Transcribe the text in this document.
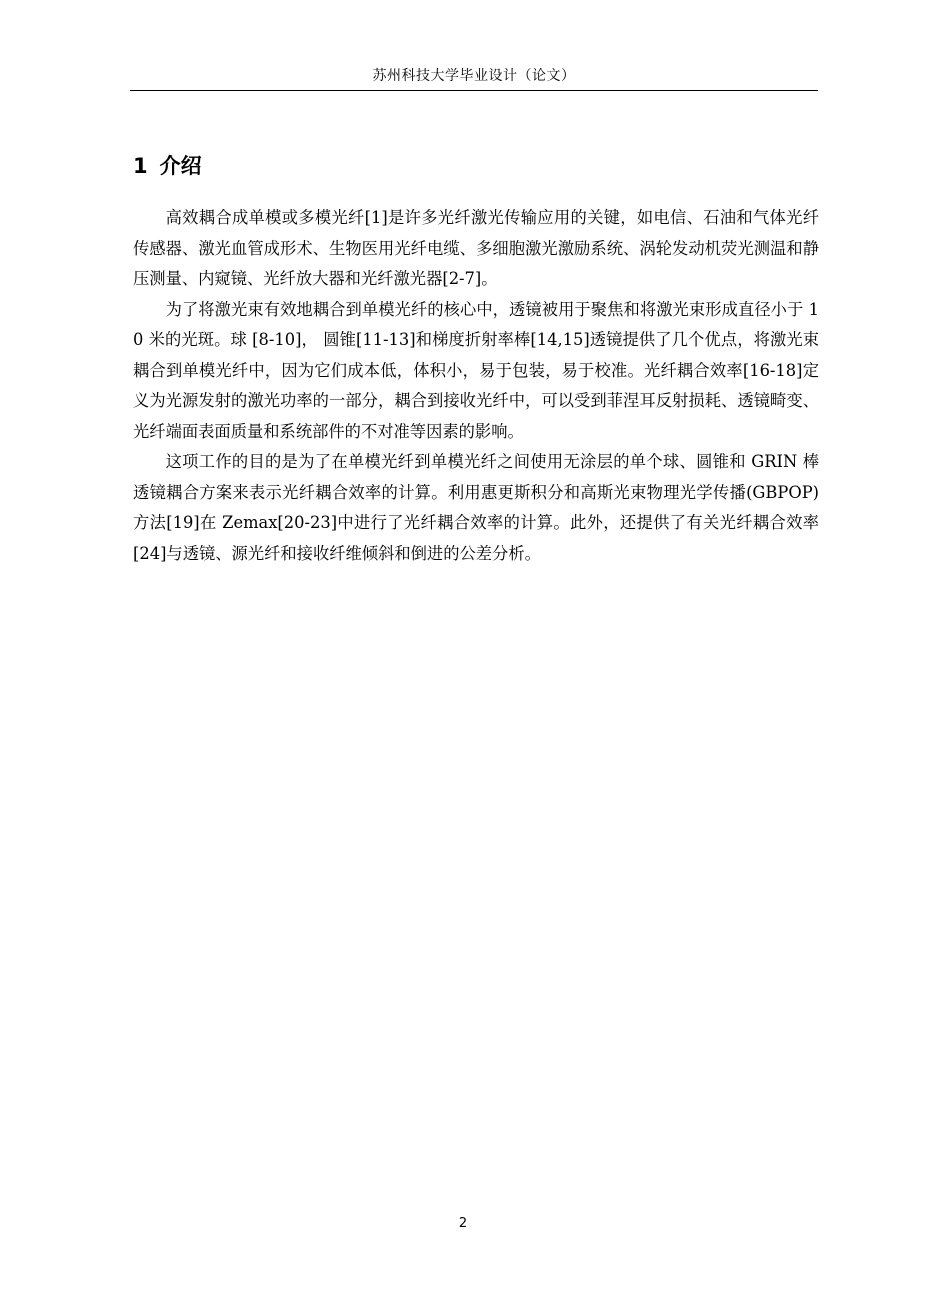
苏州科技大学毕业设计（论文）
1 介绍

高效耦合成单模或多模光纤[1]是许多光纤激光传输应用的关键，如电信、石油和气体光纤传感器、激光血管成形术、生物医用光纤电缆、多细胞激光激励系统、涡轮发动机荧光测温和静压测量、内窥镜、光纤放大器和光纤激光器[2-7]。

为了将激光束有效地耦合到单模光纤的核心中，透镜被用于聚焦和将激光束形成直径小于 10 米的光斑。球 [8-10]， 圆锥[11-13]和梯度折射率棒[14,15]透镜提供了几个优点，将激光束耦合到单模光纤中，因为它们成本低，体积小，易于包装，易于校准。光纤耦合效率[16-18]定义为光源发射的激光功率的一部分，耦合到接收光纤中，可以受到菲涅耳反射损耗、透镜畸变、光纤端面表面质量和系统部件的不对准等因素的影响。

这项工作的目的是为了在单模光纤到单模光纤之间使用无涂层的单个球、圆锥和 GRIN 棒透镜耦合方案来表示光纤耦合效率的计算。利用惠更斯积分和高斯光束物理光学传播(GBPOP)方法[19]在 Zemax[20-23]中进行了光纤耦合效率的计算。此外，还提供了有关光纤耦合效率[24]与透镜、源光纤和接收纤维倾斜和倒进的公差分析。

2
